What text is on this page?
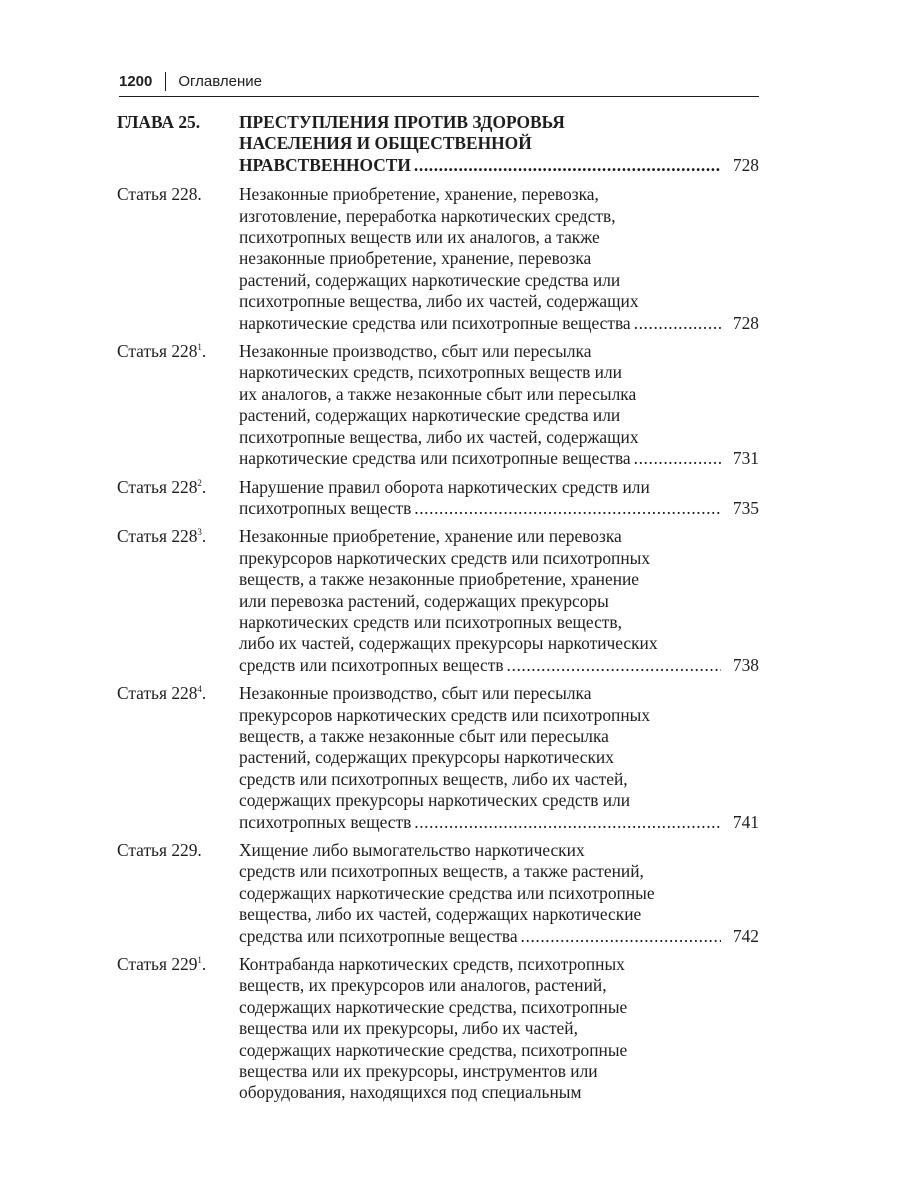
1200 Оглавление
ГЛАВА 25.	ПРЕСТУПЛЕНИЯ ПРОТИВ ЗДОРОВЬЯ
НАСЕЛЕНИЯ И ОБЩЕСТВЕННОЙ
НРАВСТВЕННОСТИ .....	728
Статья 228.	Незаконные приобретение, хранение, перевозка,
изготовление, переработка наркотических средств,
психотропных веществ или их аналогов, а также
незаконные приобретение, хранение, перевозка
растений, содержащих наркотические средства или
психотропные вещества, либо их частей, содержащих
наркотические средства или психотропные вещества .....	728
Статья $228^1$.	Незаконные производство, сбыт или пересылка
наркотических средств, психотропных веществ или
их аналогов, а также незаконные сбыт или пересылка
растений, содержащих наркотические средства или
психотропные вещества, либо их частей, содержащих
наркотические средства или психотропные вещества .....	731
Статья $228^2$.	Нарушение правил оборота наркотических средств или
психотропных веществ .....	735
Статья $228^3$.	Незаконные приобретение, хранение или перевозка
прекурсоров наркотических средств или психотропных
веществ, а также незаконные приобретение, хранение
или перевозка растений, содержащих прекурсоры
наркотических средств или психотропных веществ,
либо их частей, содержащих прекурсоры наркотических
средств или психотропных веществ .....	738
Статья $228^4$.	Незаконные производство, сбыт или пересылка
прекурсоров наркотических средств или психотропных
веществ, а также незаконные сбыт или пересылка
растений, содержащих прекурсоры наркотических
средств или психотропных веществ, либо их частей,
содержащих прекурсоры наркотических средств или
психотропных веществ .....	741
Статья 229.	Хищение либо вымогательство наркотических
средств или психотропных веществ, а также растений,
содержащих наркотические средства или психотропные
вещества, либо их частей, содержащих наркотические
средства или психотропные вещества .....	742
Статья $229^1$.	Контрабанда наркотических средств, психотропных
веществ, их прекурсоров или аналогов, растений,
содержащих наркотические средства, психотропные
вещества или их прекурсоры, либо их частей,
содержащих наркотические средства, психотропные
вещества или их прекурсоры, инструментов или
оборудования, находящихся под специальным
